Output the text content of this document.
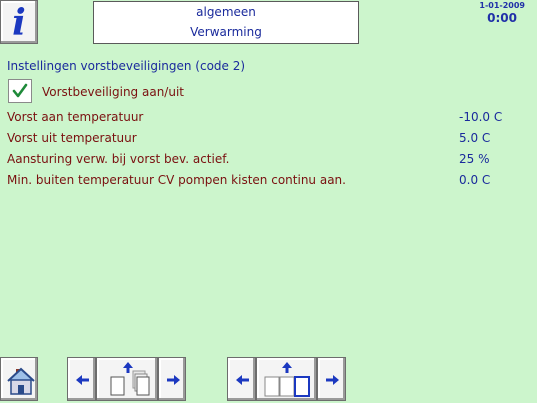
i	algemeen
Verwarming
1-01-2009
0:00
Instellingen vorstbeveiligingen (code 2)
Vorstbeveiliging aan/uit
Vorst aan temperatuur	-10.0 C
Vorst uit temperatuur	5.0 C
Aansturing verw. bij vorst bev. actief.	25 %
Min. buiten temperatuur CV pompen kisten continu aan.	0.0 C
